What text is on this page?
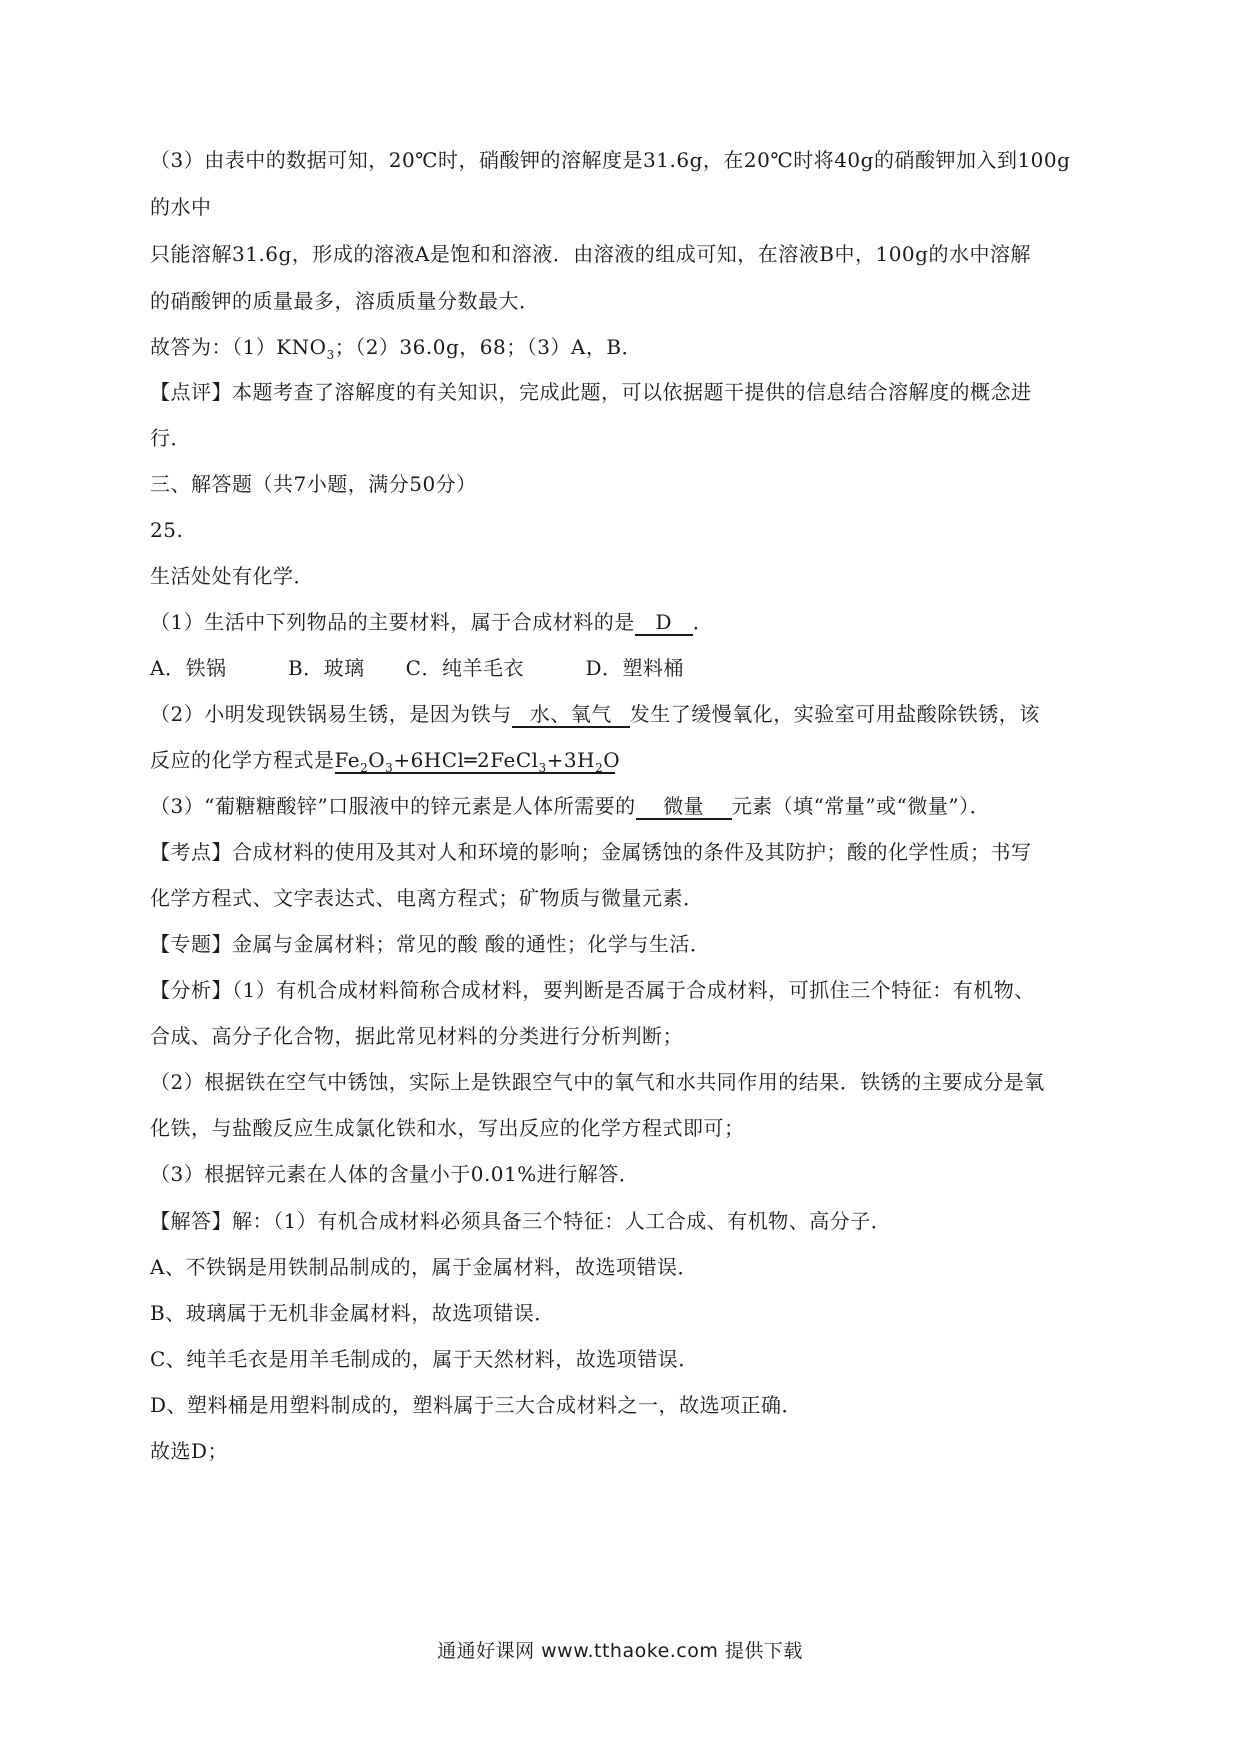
（3）由表中的数据可知，20℃时，硝酸钾的溶解度是31.6g，在20℃时将40g的硝酸钾加入到100g
的水中
只能溶解31.6g，形成的溶液A是饱和和溶液．由溶液的组成可知，在溶液B中，100g的水中溶解
的硝酸钾的质量最多，溶质质量分数最大．
故答为：$(1)KNO_3$；（2）36.0g，68；（3）A，B．
【点评】本题考查了溶解度的有关知识，完成此题，可以依据题干提供的信息结合溶解度的概念进
行．
三、解答题（共7小题，满分50分）
25.
生活处处有化学．
（1）生活中下列物品的主要材料，属于合成材料的是 D ．
A．铁锅　　　B．玻璃　　C．纯羊毛衣　　　D．塑料桶
（2）小明发现铁锅易生锈，是因为铁与 水、氧气 发生了缓慢氧化，实验室可用盐酸除铁锈，该
反应的化学方程式是$Fe_2O_3+6HCl═2FeCl_3+3H_2O$
（3）“葡糖糖酸锌”口服液中的锌元素是人体所需要的 微量 元素（填“常量”或“微量”）．
【考点】合成材料的使用及其对人和环境的影响；金属锈蚀的条件及其防护；酸的化学性质；书写
化学方程式、文字表达式、电离方程式；矿物质与微量元素．
【专题】金属与金属材料；常见的酸 酸的通性；化学与生活．
【分析】（1）有机合成材料简称合成材料，要判断是否属于合成材料，可抓住三个特征：有机物、
合成、高分子化合物，据此常见材料的分类进行分析判断；
（2）根据铁在空气中锈蚀，实际上是铁跟空气中的氧气和水共同作用的结果．铁锈的主要成分是氧
化铁，与盐酸反应生成氯化铁和水，写出反应的化学方程式即可；
（3）根据锌元素在人体的含量小于0.01%进行解答．
【解答】解：（1）有机合成材料必须具备三个特征：人工合成、有机物、高分子．
A、不铁锅是用铁制品制成的，属于金属材料，故选项错误．
B、玻璃属于无机非金属材料，故选项错误．
C、纯羊毛衣是用羊毛制成的，属于天然材料，故选项错误．
D、塑料桶是用塑料制成的，塑料属于三大合成材料之一，故选项正确．
故选D；
通通好课网 www.tthaoke.com 提供下载
